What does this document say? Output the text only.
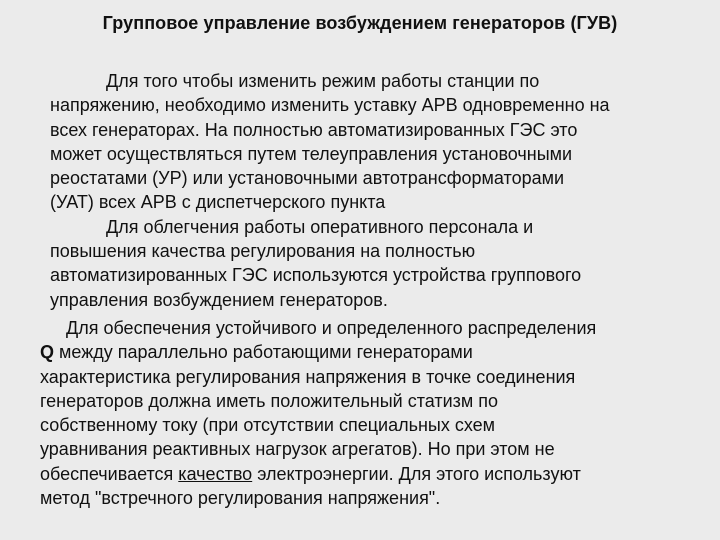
Групповое управление возбуждением генераторов (ГУВ)
Для того чтобы изменить режим работы станции по
напряжению, необходимо изменить уставку АРВ одновременно на
всех генераторах. На полностью автоматизированных ГЭС это
может осуществляться путем телеуправления установочными
реостатами (УР) или установочными автотрансформаторами
(УАТ) всех АРВ с диспетчерского пункта
Для облегчения работы оперативного персонала и
повышения качества регулирования на полностью
автоматизированных ГЭС используются устройства группового
управления возбуждением генераторов.
Для обеспечения устойчивого и определенного распределения
Q между параллельно работающими генераторами
характеристика регулирования напряжения в точке соединения
генераторов должна иметь положительный статизм по
собственному току (при отсутствии специальных схем
уравнивания реактивных нагрузок агрегатов). Но при этом не
обеспечивается качество электроэнергии. Для этого используют
метод "встречного регулирования напряжения".
